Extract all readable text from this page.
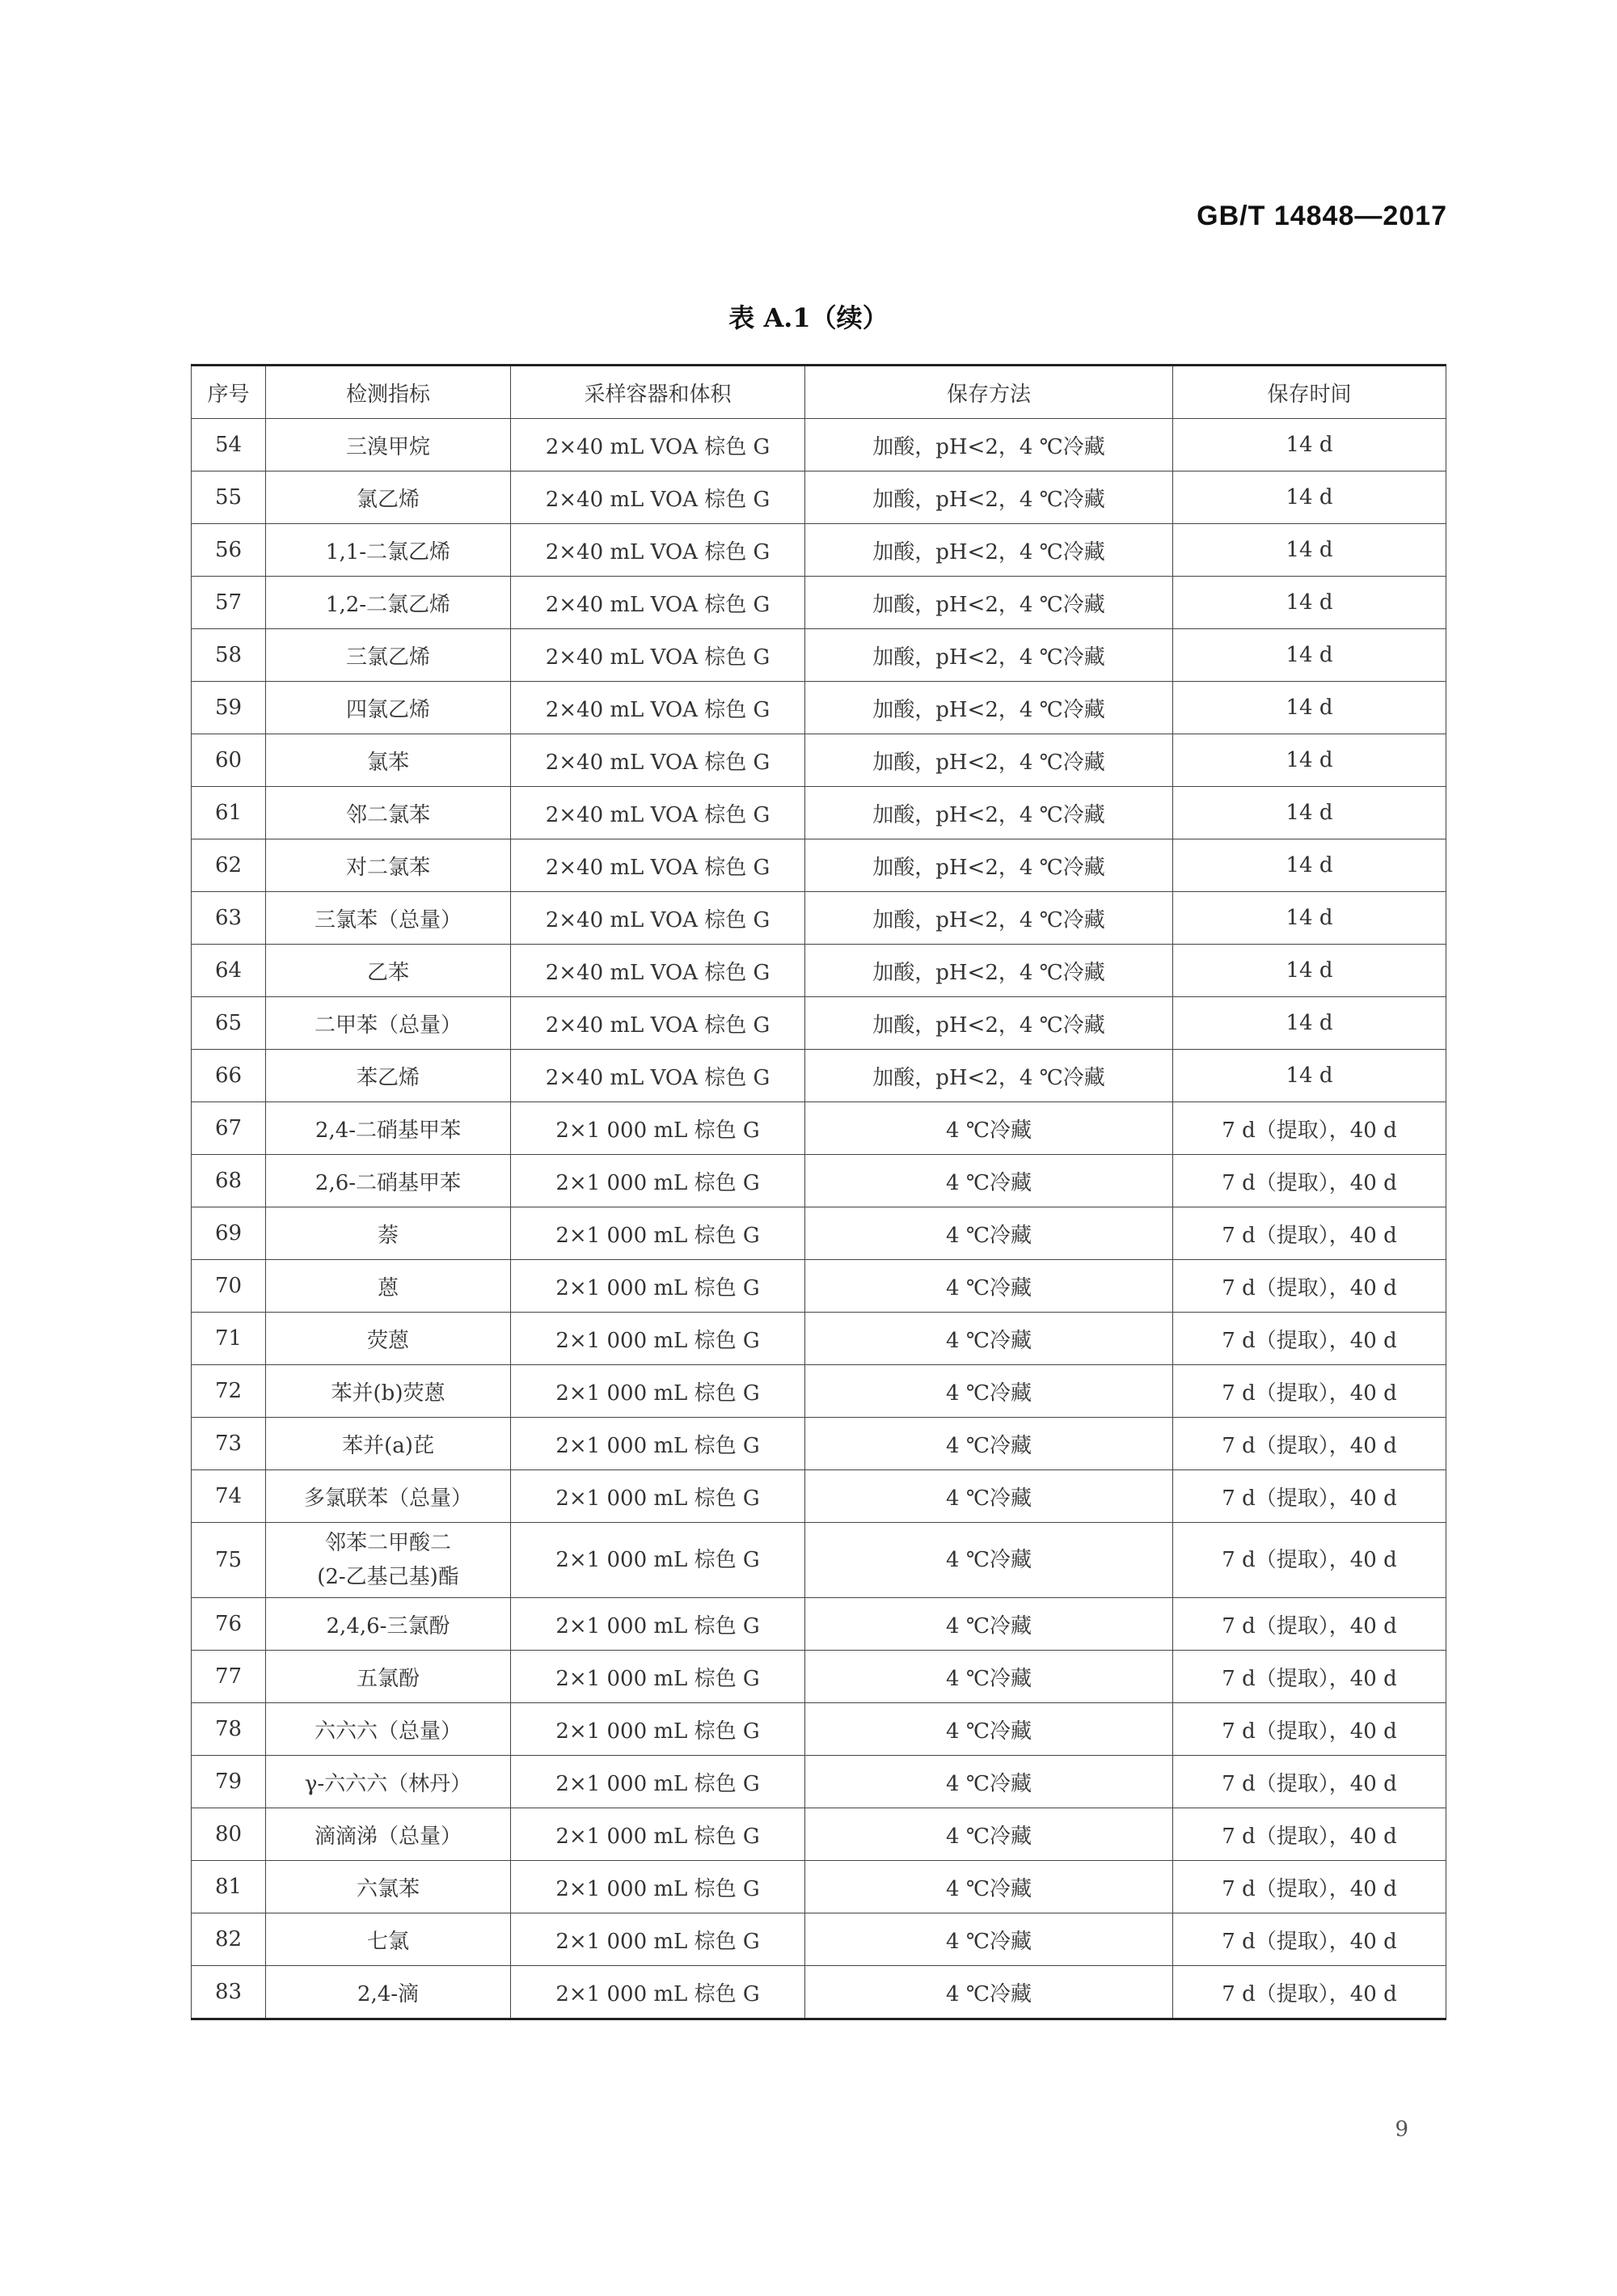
GB/T 14848—2017
表 A.1（续）
序号	检测指标	采样容器和体积	保存方法	保存时间
54	三溴甲烷	2×40 mL VOA 棕色 G	加酸，pH<2，4 ℃冷藏	14 d
55	氯乙烯	2×40 mL VOA 棕色 G	加酸，pH<2，4 ℃冷藏	14 d
56	1,1-二氯乙烯	2×40 mL VOA 棕色 G	加酸，pH<2，4 ℃冷藏	14 d
57	1,2-二氯乙烯	2×40 mL VOA 棕色 G	加酸，pH<2，4 ℃冷藏	14 d
58	三氯乙烯	2×40 mL VOA 棕色 G	加酸，pH<2，4 ℃冷藏	14 d
59	四氯乙烯	2×40 mL VOA 棕色 G	加酸，pH<2，4 ℃冷藏	14 d
60	氯苯	2×40 mL VOA 棕色 G	加酸，pH<2，4 ℃冷藏	14 d
61	邻二氯苯	2×40 mL VOA 棕色 G	加酸，pH<2，4 ℃冷藏	14 d
62	对二氯苯	2×40 mL VOA 棕色 G	加酸，pH<2，4 ℃冷藏	14 d
63	三氯苯（总量）	2×40 mL VOA 棕色 G	加酸，pH<2，4 ℃冷藏	14 d
64	乙苯	2×40 mL VOA 棕色 G	加酸，pH<2，4 ℃冷藏	14 d
65	二甲苯（总量）	2×40 mL VOA 棕色 G	加酸，pH<2，4 ℃冷藏	14 d
66	苯乙烯	2×40 mL VOA 棕色 G	加酸，pH<2，4 ℃冷藏	14 d
67	2,4-二硝基甲苯	2×1 000 mL 棕色 G	4 ℃冷藏	7 d（提取），40 d
68	2,6-二硝基甲苯	2×1 000 mL 棕色 G	4 ℃冷藏	7 d（提取），40 d
69	萘	2×1 000 mL 棕色 G	4 ℃冷藏	7 d（提取），40 d
70	蒽	2×1 000 mL 棕色 G	4 ℃冷藏	7 d（提取），40 d
71	荧蒽	2×1 000 mL 棕色 G	4 ℃冷藏	7 d（提取），40 d
72	苯并(b)荧蒽	2×1 000 mL 棕色 G	4 ℃冷藏	7 d（提取），40 d
73	苯并(a)芘	2×1 000 mL 棕色 G	4 ℃冷藏	7 d（提取），40 d
74	多氯联苯（总量）	2×1 000 mL 棕色 G	4 ℃冷藏	7 d（提取），40 d
75	邻苯二甲酸二
(2-乙基己基)酯	2×1 000 mL 棕色 G	4 ℃冷藏	7 d（提取），40 d
76	2,4,6-三氯酚	2×1 000 mL 棕色 G	4 ℃冷藏	7 d（提取），40 d
77	五氯酚	2×1 000 mL 棕色 G	4 ℃冷藏	7 d（提取），40 d
78	六六六（总量）	2×1 000 mL 棕色 G	4 ℃冷藏	7 d（提取），40 d
79	γ-六六六（林丹）	2×1 000 mL 棕色 G	4 ℃冷藏	7 d（提取），40 d
80	滴滴涕（总量）	2×1 000 mL 棕色 G	4 ℃冷藏	7 d（提取），40 d
81	六氯苯	2×1 000 mL 棕色 G	4 ℃冷藏	7 d（提取），40 d
82	七氯	2×1 000 mL 棕色 G	4 ℃冷藏	7 d（提取），40 d
83	2,4-滴	2×1 000 mL 棕色 G	4 ℃冷藏	7 d（提取），40 d
9
